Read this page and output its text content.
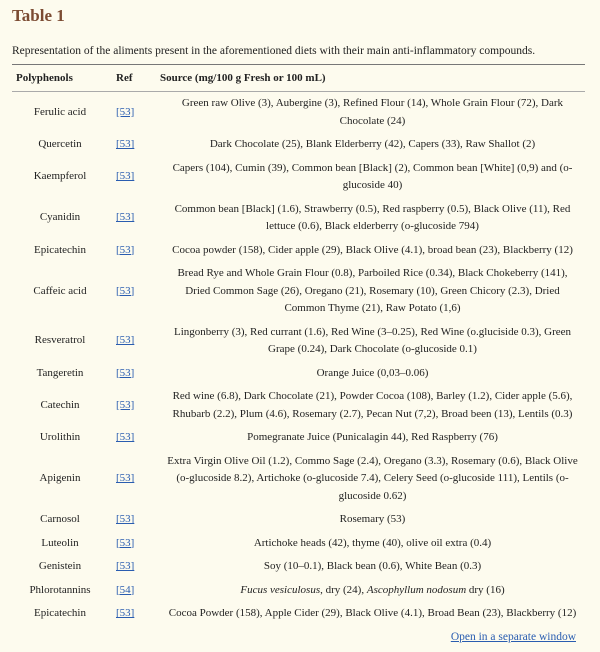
Table 1

Representation of the aliments present in the aforementioned diets with their main anti-inflammatory compounds.

Polyphenols	Ref	Source (mg/100 g Fresh or 100 mL)
Ferulic acid	[53]	Green raw Olive (3), Aubergine (3), Refined Flour (14), Whole Grain Flour (72), Dark Chocolate (24)
Quercetin	[53]	Dark Chocolate (25), Blank Elderberry (42), Capers (33), Raw Shallot (2)
Kaempferol	[53]	Capers (104), Cumin (39), Common bean [Black] (2), Common bean [White] (0,9) and (o-glucoside 40)
Cyanidin	[53]	Common bean [Black] (1.6), Strawberry (0.5), Red raspberry (0.5), Black Olive (11), Red lettuce (0.6), Black elderberry (o-glucoside 794)
Epicatechin	[53]	Cocoa powder (158), Cider apple (29), Black Olive (4.1), broad bean (23), Blackberry (12)
Caffeic acid	[53]	Bread Rye and Whole Grain Flour (0.8), Parboiled Rice (0.34), Black Chokeberry (141), Dried Common Sage (26), Oregano (21), Rosemary (10), Green Chicory (2.3), Dried Common Thyme (21), Raw Potato (1,6)
Resveratrol	[53]	Lingonberry (3), Red currant (1.6), Red Wine (3–0.25), Red Wine (o.gluciside 0.3), Green Grape (0.24), Dark Chocolate (o-glucoside 0.1)
Tangeretin	[53]	Orange Juice (0,03–0.06)
Catechin	[53]	Red wine (6.8), Dark Chocolate (21), Powder Cocoa (108), Barley (1.2), Cider apple (5.6), Rhubarb (2.2), Plum (4.6), Rosemary (2.7), Pecan Nut (7,2), Broad been (13), Lentils (0.3)
Urolithin	[53]	Pomegranate Juice (Punicalagin 44), Red Raspberry (76)
Apigenin	[53]	Extra Virgin Olive Oil (1.2), Commo Sage (2.4), Oregano (3.3), Rosemary (0.6), Black Olive (o-glucoside 8.2), Artichoke (o-glucoside 7.4), Celery Seed (o-glucoside 111), Lentils (o-glucoside 0.62)
Carnosol	[53]	Rosemary (53)
Luteolin	[53]	Artichoke heads (42), thyme (40), olive oil extra (0.4)
Genistein	[53]	Soy (10–0.1), Black bean (0.6), White Bean (0.3)
Phlorotannins	[54]	Fucus vesiculosus, dry (24), Ascophyllum nodosum dry (16)
Epicatechin	[53]	Cocoa Powder (158), Apple Cider (29), Black Olive (4.1), Broad Bean (23), Blackberry (12)
Open in a separate window
